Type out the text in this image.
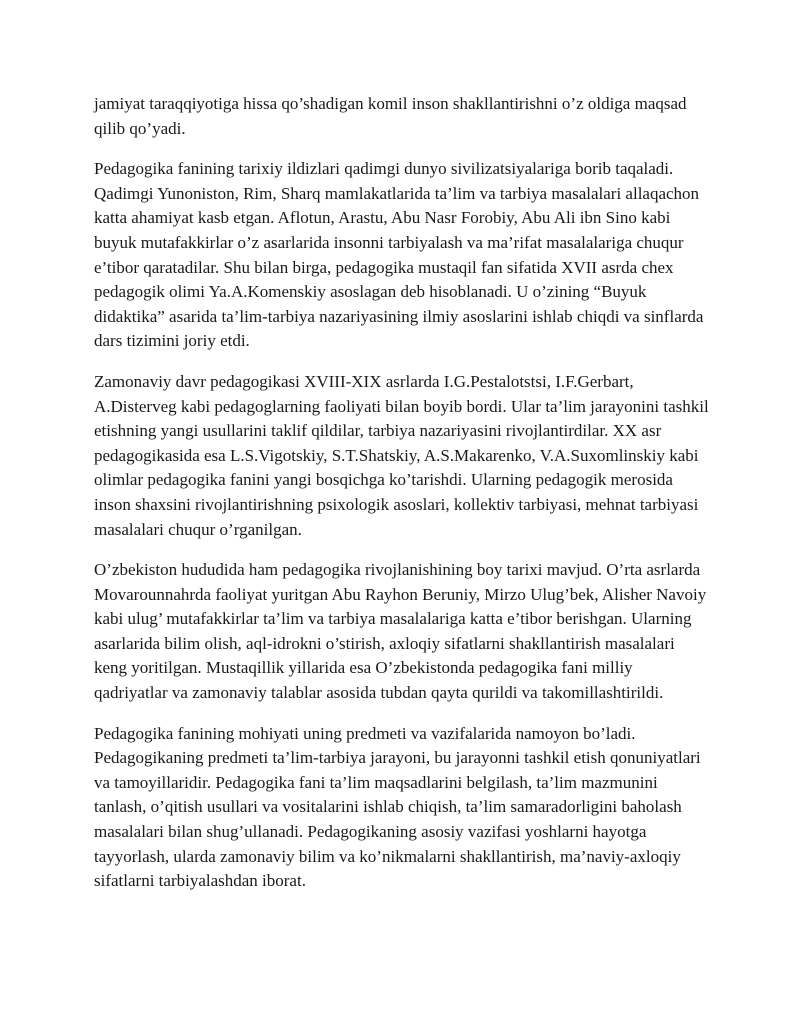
jamiyat taraqqiyotiga hissa qo’shadigan komil inson shakllantirishni o’z oldiga maqsad qilib qo’yadi.

Pedagogika fanining tarixiy ildizlari qadimgi dunyo sivilizatsiyalariga borib taqaladi. Qadimgi Yunoniston, Rim, Sharq mamlakatlarida ta’lim va tarbiya masalalari allaqachon katta ahamiyat kasb etgan. Aflotun, Arastu, Abu Nasr Forobiy, Abu Ali ibn Sino kabi buyuk mutafakkirlar o’z asarlarida insonni tarbiyalash va ma’rifat masalalariga chuqur e’tibor qaratadilar. Shu bilan birga, pedagogika mustaqil fan sifatida XVII asrda chex pedagogik olimi Ya.A.Komenskiy asoslagan deb hisoblanadi. U o’zining “Buyuk didaktika” asarida ta’lim-tarbiya nazariyasining ilmiy asoslarini ishlab chiqdi va sinflarda dars tizimini joriy etdi.

Zamonaviy davr pedagogikasi XVIII-XIX asrlarda I.G.Pestalotstsi, I.F.Gerbart, A.Disterveg kabi pedagoglarning faoliyati bilan boyib bordi. Ular ta’lim jarayonini tashkil etishning yangi usullarini taklif qildilar, tarbiya nazariyasini rivojlantirdilar. XX asr pedagogikasida esa L.S.Vigotskiy, S.T.Shatskiy, A.S.Makarenko, V.A.Suxomlinskiy kabi olimlar pedagogika fanini yangi bosqichga ko’tarishdi. Ularning pedagogik merosida inson shaxsini rivojlantirishning psixologik asoslari, kollektiv tarbiyasi, mehnat tarbiyasi masalalari chuqur o’rganilgan.

O’zbekiston hududida ham pedagogika rivojlanishining boy tarixi mavjud. O’rta asrlarda Movarounnahrda faoliyat yuritgan Abu Rayhon Beruniy, Mirzo Ulug’bek, Alisher Navoiy kabi ulug’ mutafakkirlar ta’lim va tarbiya masalalariga katta e’tibor berishgan. Ularning asarlarida bilim olish, aql-idrokni o’stirish, axloqiy sifatlarni shakllantirish masalalari keng yoritilgan. Mustaqillik yillarida esa O’zbekistonda pedagogika fani milliy qadriyatlar va zamonaviy talablar asosida tubdan qayta qurildi va takomillashtirildi.

Pedagogika fanining mohiyati uning predmeti va vazifalarida namoyon bo’ladi. Pedagogikaning predmeti ta’lim-tarbiya jarayoni, bu jarayonni tashkil etish qonuniyatlari va tamoyillaridir. Pedagogika fani ta’lim maqsadlarini belgilash, ta’lim mazmunini tanlash, o’qitish usullari va vositalarini ishlab chiqish, ta’lim samaradorligini baholash masalalari bilan shug’ullanadi. Pedagogikaning asosiy vazifasi yoshlarni hayotga tayyorlash, ularda zamonaviy bilim va ko’nikmalarni shakllantirish, ma’naviy-axloqiy sifatlarni tarbiyalashdan iborat.
